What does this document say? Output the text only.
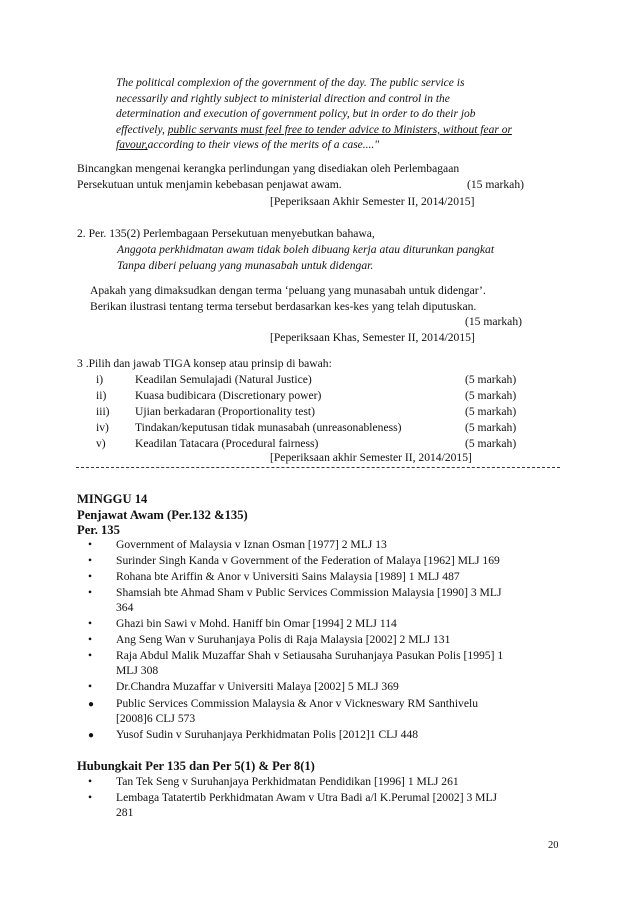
The political complexion of the government of the day. The public service is
necessarily and rightly subject to ministerial direction and control in the
determination and execution of government policy, but in order to do their job
effectively, public servants must feel free to tender advice to Ministers, without fear or
favour,according to their views of the merits of a case...."
Bincangkan mengenai kerangka perlindungan yang disediakan oleh Perlembagaan
Persekutuan untuk menjamin kebebasan penjawat awam.	(15 markah)
[Peperiksaan Akhir Semester II, 2014/2015]
2. Per. 135(2) Perlembagaan Persekutuan menyebutkan bahawa,
Anggota perkhidmatan awam tidak boleh dibuang kerja atau diturunkan pangkat
Tanpa diberi peluang yang munasabah untuk didengar.
Apakah yang dimaksudkan dengan terma ‘peluang yang munasabah untuk didengar’.
Berikan ilustrasi tentang terma tersebut berdasarkan kes-kes yang telah diputuskan.
(15 markah)
[Peperiksaan Khas, Semester II, 2014/2015]
3 .Pilih dan jawab TIGA konsep atau prinsip di bawah:
i)	Keadilan Semulajadi (Natural Justice)	(5 markah)
ii) Kuasa budibicara (Discretionary power)	(5 markah)
iii) Ujian berkadaran (Proportionality test)	(5 markah)
iv) Tindakan/keputusan tidak munasabah (unreasonableness)	(5 markah)
v)	Keadilan Tatacara (Procedural fairness)	(5 markah)
[Peperiksaan akhir Semester II, 2014/2015]
MINGGU 14
Penjawat Awam (Per.132 &135)
Per. 135
• Government of Malaysia v Iznan Osman [1977] 2 MLJ 13
• Surinder Singh Kanda v Government of the Federation of Malaya [1962] MLJ 169
• Rohana bte Ariffin & Anor v Universiti Sains Malaysia [1989] 1 MLJ 487
• Shamsiah bte Ahmad Sham v Public Services Commission Malaysia [1990] 3 MLJ
364
• Ghazi bin Sawi v Mohd. Haniff bin Omar [1994] 2 MLJ 114
• Ang Seng Wan v Suruhanjaya Polis di Raja Malaysia [2002] 2 MLJ 131
• Raja Abdul Malik Muzaffar Shah v Setiausaha Suruhanjaya Pasukan Polis [1995] 1
MLJ 308
• Dr.Chandra Muzaffar v Universiti Malaya [2002] 5 MLJ 369
● Public Services Commission Malaysia & Anor v Vickneswary RM Santhivelu
[2008]6 CLJ 573
● Yusof Sudin v Suruhanjaya Perkhidmatan Polis [2012]1 CLJ 448
Hubungkait Per 135 dan Per 5(1) & Per 8(1)
• Tan Tek Seng v Suruhanjaya Perkhidmatan Pendidikan [1996] 1 MLJ 261
• Lembaga Tatatertib Perkhidmatan Awam v Utra Badi a/l K.Perumal [2002] 3 MLJ
281
20
